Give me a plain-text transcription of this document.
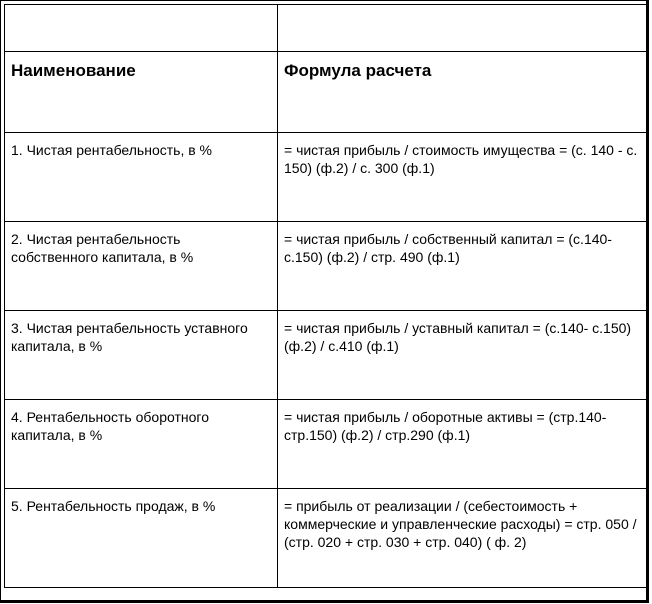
Наименование	Формула расчета

1. Чистая рентабельность, в %	= чистая прибыль / стоимость имущества = (с. 140 - с. 150) (ф.2) / с. 300 (ф.1)

2. Чистая рентабельность собственного капитала, в %	= чистая прибыль / собственный капитал = (с.140- с.150) (ф.2) / стр. 490 (ф.1)

3. Чистая рентабельность уставного капитала, в %	= чистая прибыль / уставный капитал = (с.140- с.150) (ф.2) / с.410 (ф.1)

4. Рентабельность оборотного капитала, в %	= чистая прибыль / оборотные активы = (стр.140- стр.150) (ф.2) / стр.290 (ф.1)

5. Рентабельность продаж, в %	= прибыль от реализации / (себестоимость + коммерческие и управленческие расходы) = стр. 050 / (стр. 020 + стр. 030 + стр. 040) ( ф. 2)
